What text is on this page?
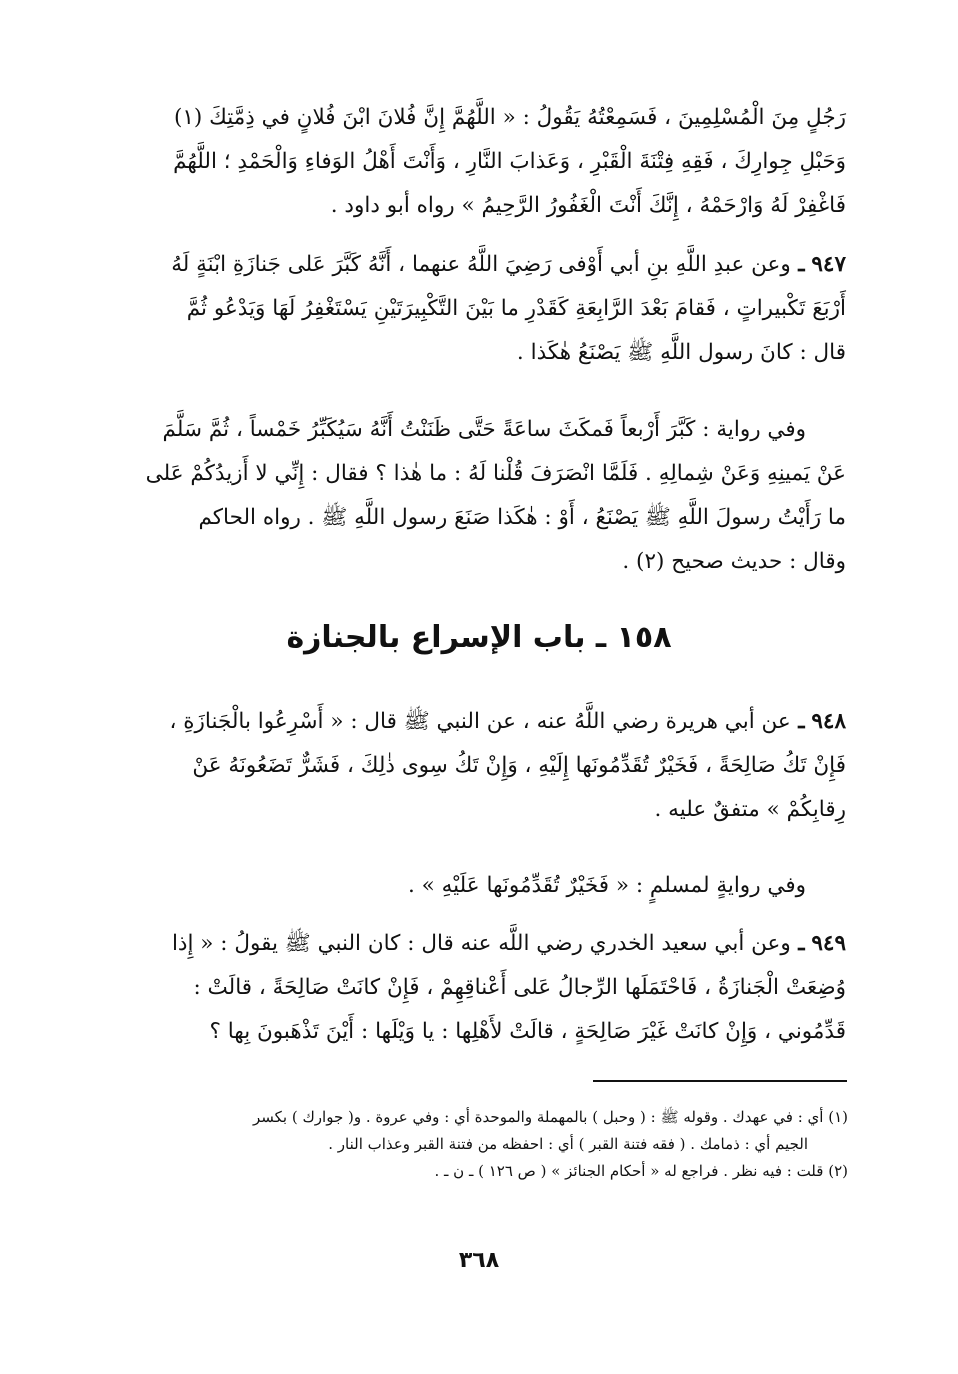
رَجُلٍ مِنَ الْمُسْلِمِينَ ، فَسَمِعْتُهُ يَقُولُ : « اللَّهُمَّ إِنَّ فُلانَ ابْنَ فُلانٍ في ذِمَّتِكَ (١)

وَحَبْلِ جِوارِكَ ، فَقِهِ فِتْنَةَ الْقَبْرِ ، وَعَذابَ النَّارِ ، وَأَنْتَ أَهْلُ الوَفاءِ وَالْحَمْدِ ؛ اللَّهُمَّ

فَاغْفِرْ لَهُ وَارْحَمْهُ ، إِنَّكَ أَنْتَ الْغَفُورُ الرَّحِيمُ » رواه أبو داود .

٩٤٧ ـ وعن عبدِ اللَّهِ بنِ أبي أَوْفى رَضِيَ اللَّهُ عنهما ، أَنَّهُ كَبَّرَ عَلى جَنازَةِ ابْنَةٍ لَهُ

أَرْبَعَ تَكْبيراتٍ ، فَقامَ بَعْدَ الرَّابِعَةِ كَقَدْرِ ما بَيْنَ التَّكْبِيرَتَيْنِ يَسْتَغْفِرُ لَهَا وَيَدْعُو ثُمَّ

قال : كانَ رسول اللَّهِ ﷺ يَصْنَعُ هٰكَذا .

وفي رواية : كَبَّرَ أَرْبعاً فَمكَثَ ساعَةً حَتَّى ظَنَنْتُ أَنَّهُ سَيُكَبِّرُ خَمْساً ، ثُمَّ سَلَّمَ

عَنْ يَمينِهِ وَعَنْ شِمالِهِ . فَلَمَّا انْصَرَفَ قُلْنا لَهُ : ما هٰذا ؟ فقال : إِنِّي لا أَزيدُكُمْ عَلى

ما رَأَيْتُ رسولَ اللَّهِ ﷺ يَصْنَعُ ، أَوْ : هٰكَذا صَنَعَ رسول اللَّهِ ﷺ . رواه الحاكم

وقال : حديث صحيح (٢) .

١٥٨ ـ باب الإسراع بالجنازة

٩٤٨ ـ عن أبي هريرة رضي اللَّهُ عنه ، عن النبي ﷺ قال : « أَسْرِعُوا بالْجَنازَةِ ،

فَإِنْ تَكُ صَالِحَةً ، فَخَيْرٌ تُقَدِّمُونَها إِلَيْهِ ، وَإِنْ تَكُ سِوى ذٰلِكَ ، فَشَرٌّ تَضَعُونَهُ عَنْ

رِقابِكُمْ » متفقٌ عليه .

وفي روايةٍ لمسلمٍ : « فَخَيْرٌ تُقَدِّمُونَها عَلَيْهِ » .

٩٤٩ ـ وعن أبي سعيد الخدري رضي اللَّه عنه قال : كان النبي ﷺ يقولُ : « إِذا

وُضِعَتْ الْجَنازَةُ ، فَاحْتَمَلَها الرِّجالُ عَلى أَعْناقِهِمْ ، فَإِنْ كانَتْ صَالِحَةً ، قالَتْ :

قَدِّمُوني ، وَإِنْ كانَتْ غَيْرَ صَالِحَةٍ ، قالَتْ لأَهْلِها : يا وَيْلَها : أَيْنَ تَذْهَبونَ بِها ؟

(١) أي : في عهدك . وقوله ﷺ : ( وحبل ) بالمهملة والموحدة أي : وفي عروة . و( جوارك ) بكسر

الجيم أي : ذمامك . ( فقه فتنة القبر ) أي : احفظه من فتنة القبر وعذاب النار .

(٢) قلت : فيه نظر . فراجع له « أحكام الجنائز » ( ص ١٢٦ ) ـ ن ـ .

٣٦٨
